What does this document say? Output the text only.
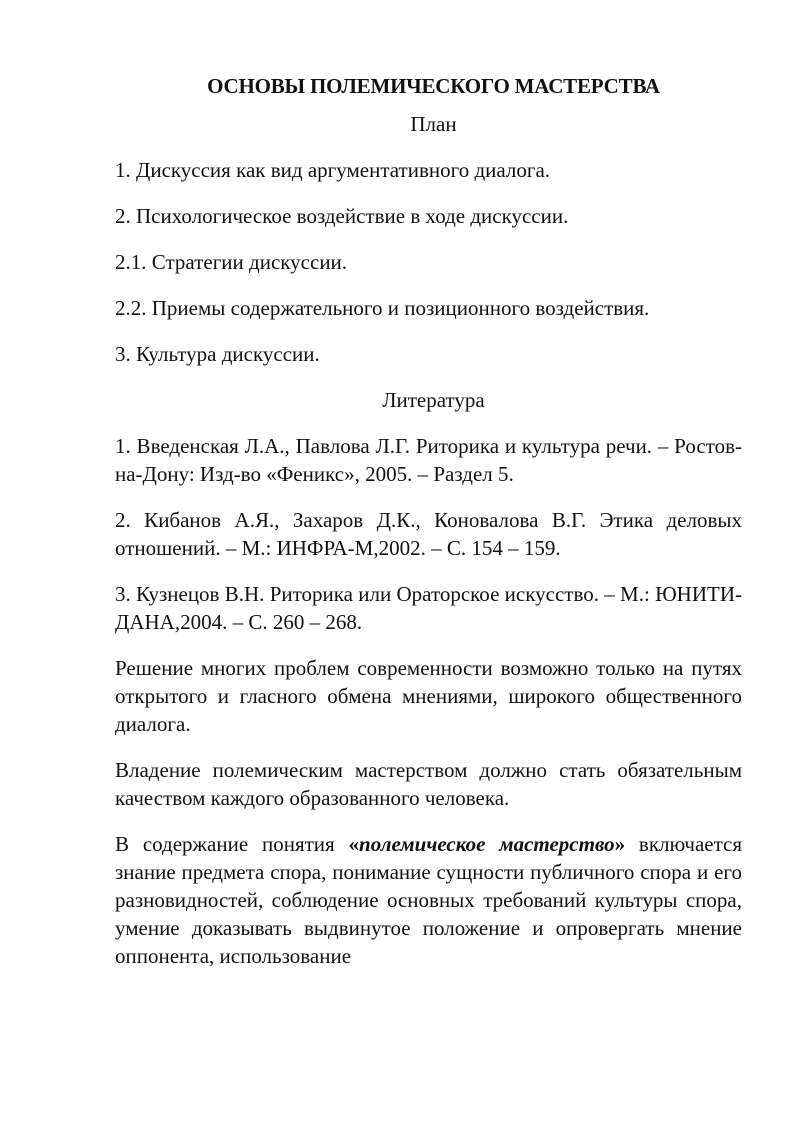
ОСНОВЫ ПОЛЕМИЧЕСКОГО МАСТЕРСТВА
План
1. Дискуссия как вид аргументативного диалога.
2. Психологическое воздействие в ходе дискуссии.
2.1. Стратегии дискуссии.
2.2. Приемы содержательного и позиционного воздействия.
3. Культура дискуссии.
Литература
1. Введенская Л.А., Павлова Л.Г. Риторика и культура речи. – Ростов-на-Дону: Изд-во «Феникс», 2005. – Раздел 5.
2. Кибанов А.Я., Захаров Д.К., Коновалова В.Г. Этика деловых отношений. – М.: ИНФРА-М,2002. – С. 154 – 159.
3. Кузнецов В.Н. Риторика или Ораторское искусство. – М.: ЮНИТИ-ДАНА,2004. – С. 260 – 268.
Решение многих проблем современности возможно только на путях открытого и гласного обмена мнениями, широкого общественного диалога.
Владение полемическим мастерством должно стать обязательным качеством каждого образованного человека.
В содержание понятия «полемическое мастерство» включается знание предмета спора, понимание сущности публичного спора и его разновидностей, соблюдение основных требований культуры спора, умение доказывать выдвинутое положение и опровергать мнение оппонента, использование
